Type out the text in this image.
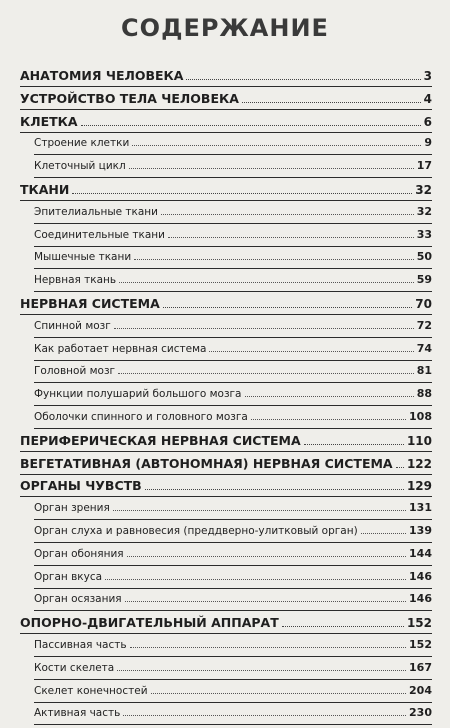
СОДЕРЖАНИЕ
АНАТОМИЯ ЧЕЛОВЕКА	3
УСТРОЙСТВО ТЕЛА ЧЕЛОВЕКА	4
КЛЕТКА	6
Строение клетки	9
Клеточный цикл	17
ТКАНИ	32
Эпителиальные ткани	32
Соединительные ткани	33
Мышечные ткани	50
Нервная ткань	59
НЕРВНАЯ СИСТЕМА	70
Спинной мозг	72
Как работает нервная система	74
Головной мозг	81
Функции полушарий большого мозга	88
Оболочки спинного и головного мозга	108
ПЕРИФЕРИЧЕСКАЯ НЕРВНАЯ СИСТЕМА	110
ВЕГЕТАТИВНАЯ (АВТОНОМНАЯ) НЕРВНАЯ СИСТЕМА 122
ОРГАНЫ ЧУВСТВ	129
Орган зрения	131
Орган слуха и равновесия (преддверно-улитковый орган)	139
Орган обоняния	144
Орган вкуса	146
Орган осязания	146
ОПОРНО-ДВИГАТЕЛЬНЫЙ АППАРАТ	152
Пассивная часть	152
Кости скелета	167
Скелет конечностей	204
Активная часть	230
